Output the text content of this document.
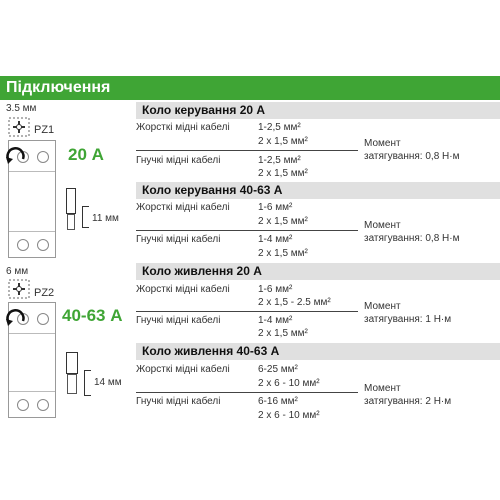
Підключення
3.5 мм
PZ1
20 А
11 мм
6 мм
PZ2
40-63 А
14 мм
Коло керування 20 А
Жорсткі мідні кабелі	1-2,5 мм²
2 x 1,5 мм²
Гнучкі мідні кабелі	1-2,5 мм²
2 x 1,5 мм²
Момент
затягування: 0,8 Н·м
Коло керування 40-63 А
Жорсткі мідні кабелі	1-6 мм²
2 x 1,5 мм²
Гнучкі мідні кабелі	1-4 мм²
2 x 1,5 мм²
Момент
затягування: 0,8 Н·м
Коло живлення 20 А
Жорсткі мідні кабелі	1-6 мм²
2 x 1,5 - 2.5 мм²
Гнучкі мідні кабелі	1-4 мм²
2 x 1,5 мм²
Момент
затягування: 1 Н·м
Коло живлення 40-63 А
Жорсткі мідні кабелі	6-25 мм²
2 x 6 - 10 мм²
Гнучкі мідні кабелі	6-16 мм²
2 x 6 - 10 мм²
Момент
затягування: 2 Н·м
